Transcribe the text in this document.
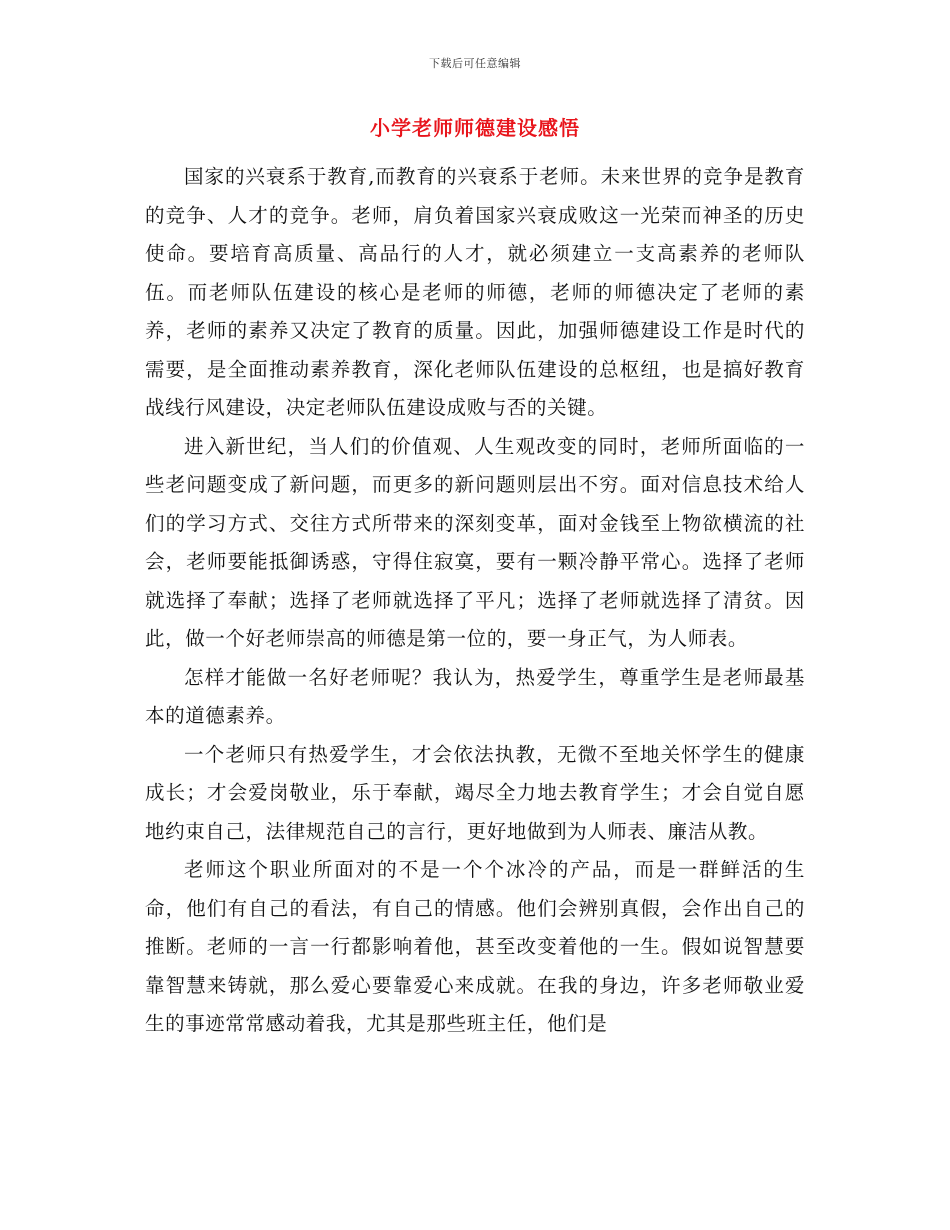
下载后可任意编辑
小学老师师德建设感悟

国家的兴衰系于教育,而教育的兴衰系于老师。未来世界的竞争是教育的竞争、人才的竞争。老师，肩负着国家兴衰成败这一光荣而神圣的历史使命。要培育高质量、高品行的人才，就必须建立一支高素养的老师队伍。而老师队伍建设的核心是老师的师德，老师的师德决定了老师的素养，老师的素养又决定了教育的质量。因此，加强师德建设工作是时代的需要，是全面推动素养教育，深化老师队伍建设的总枢纽，也是搞好教育战线行风建设，决定老师队伍建设成败与否的关键。

进入新世纪，当人们的价值观、人生观改变的同时，老师所面临的一些老问题变成了新问题，而更多的新问题则层出不穷。面对信息技术给人们的学习方式、交往方式所带来的深刻变革，面对金钱至上物欲横流的社会，老师要能抵御诱惑，守得住寂寞，要有一颗冷静平常心。选择了老师就选择了奉献；选择了老师就选择了平凡；选择了老师就选择了清贫。因此，做一个好老师崇高的师德是第一位的，要一身正气，为人师表。

怎样才能做一名好老师呢？我认为，热爱学生，尊重学生是老师最基本的道德素养。

一个老师只有热爱学生，才会依法执教，无微不至地关怀学生的健康成长；才会爱岗敬业，乐于奉献，竭尽全力地去教育学生；才会自觉自愿地约束自己，法律规范自己的言行，更好地做到为人师表、廉洁从教。

老师这个职业所面对的不是一个个冰冷的产品，而是一群鲜活的生命，他们有自己的看法，有自己的情感。他们会辨别真假，会作出自己的推断。老师的一言一行都影响着他，甚至改变着他的一生。假如说智慧要靠智慧来铸就，那么爱心要靠爱心来成就。在我的身边，许多老师敬业爱生的事迹常常感动着我，尤其是那些班主任，他们是
